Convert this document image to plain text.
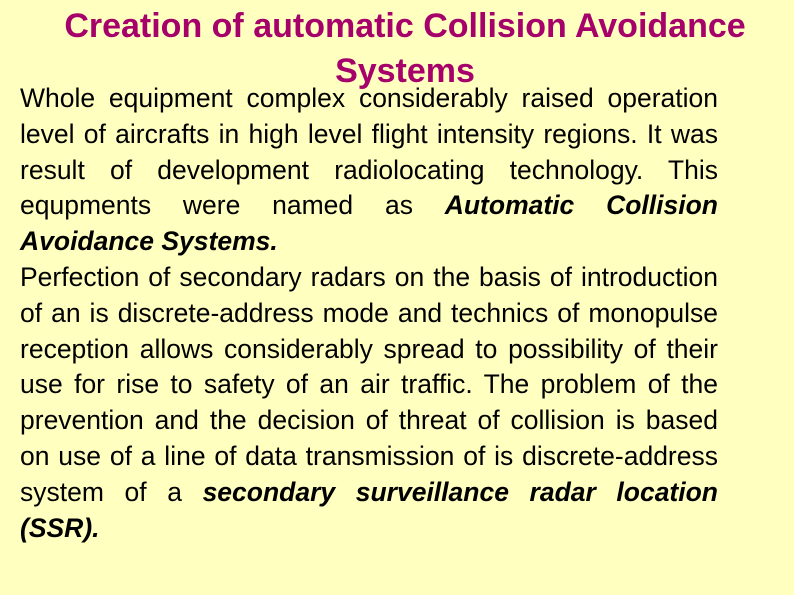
Creation of automatic Collision Avoidance Systems

Whole equipment complex considerably raised operation level of aircrafts in high level flight intensity regions. It was result of development radiolocating technology. This equpments were named as Automatic Collision Avoidance Systems.

Perfection of secondary radars on the basis of introduction of an is discrete-address mode and technics of monopulse reception allows considerably spread to possibility of their use for rise to safety of an air traffic. The problem of the prevention and the decision of threat of collision is based on use of a line of data transmission of is discrete-address system of a secondary surveillance radar location (SSR).
